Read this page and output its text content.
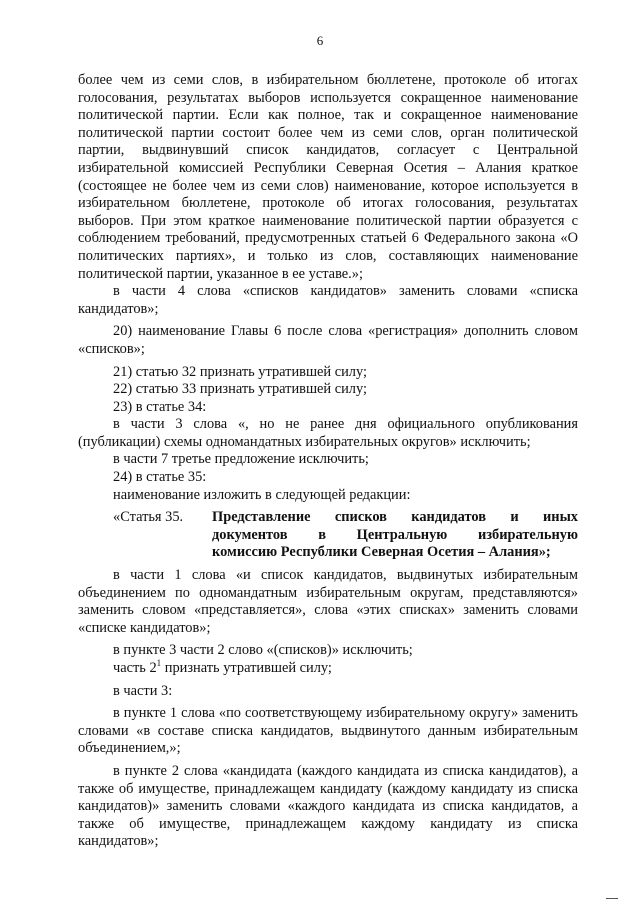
6

более чем из семи слов, в избирательном бюллетене, протоколе об итогах голосования, результатах выборов используется сокращенное наименование политической партии. Если как полное, так и сокращенное наименование политической партии состоит более чем из семи слов, орган политической партии, выдвинувший список кандидатов, согласует с Центральной избирательной комиссией Республики Северная Осетия – Алания краткое (состоящее не более чем из семи слов) наименование, которое используется в избирательном бюллетене, протоколе об итогах голосования, результатах выборов. При этом краткое наименование политической партии образуется с соблюдением требований, предусмотренных статьей 6 Федерального закона «О политических партиях», и только из слов, составляющих наименование политической партии, указанное в ее уставе.»;

в части 4 слова «списков кандидатов» заменить словами «списка кандидатов»;

20) наименование Главы 6 после слова «регистрация» дополнить словом «списков»;

21) статью 32 признать утратившей силу;

22) статью 33 признать утратившей силу;

23) в статье 34:

в части 3 слова «, но не ранее дня официального опубликования (публикации) схемы одномандатных избирательных округов» исключить;

в части 7 третье предложение исключить;

24) в статье 35:

наименование изложить в следующей редакции:

«Статья 35.	Представление списков кандидатов и иных
документов в Центральную избирательную
комиссию Республики Северная Осетия – Алания»;

в части 1 слова «и список кандидатов, выдвинутых избирательным объединением по одномандатным избирательным округам, представляются» заменить словом «представляется», слова «этих списках» заменить словами «списке кандидатов»;

в пункте 3 части 2 слово «(списков)» исключить;

часть $2^1$ признать утратившей силу;

в части 3:

в пункте 1 слова «по соответствующему избирательному округу» заменить словами «в составе списка кандидатов, выдвинутого данным избирательным объединением,»;

в пункте 2 слова «кандидата (каждого кандидата из списка кандидатов), а также об имуществе, принадлежащем кандидату (каждому кандидату из списка кандидатов)» заменить словами «каждого кандидата из списка кандидатов, а также об имуществе, принадлежащем каждому кандидату из списка кандидатов»;
